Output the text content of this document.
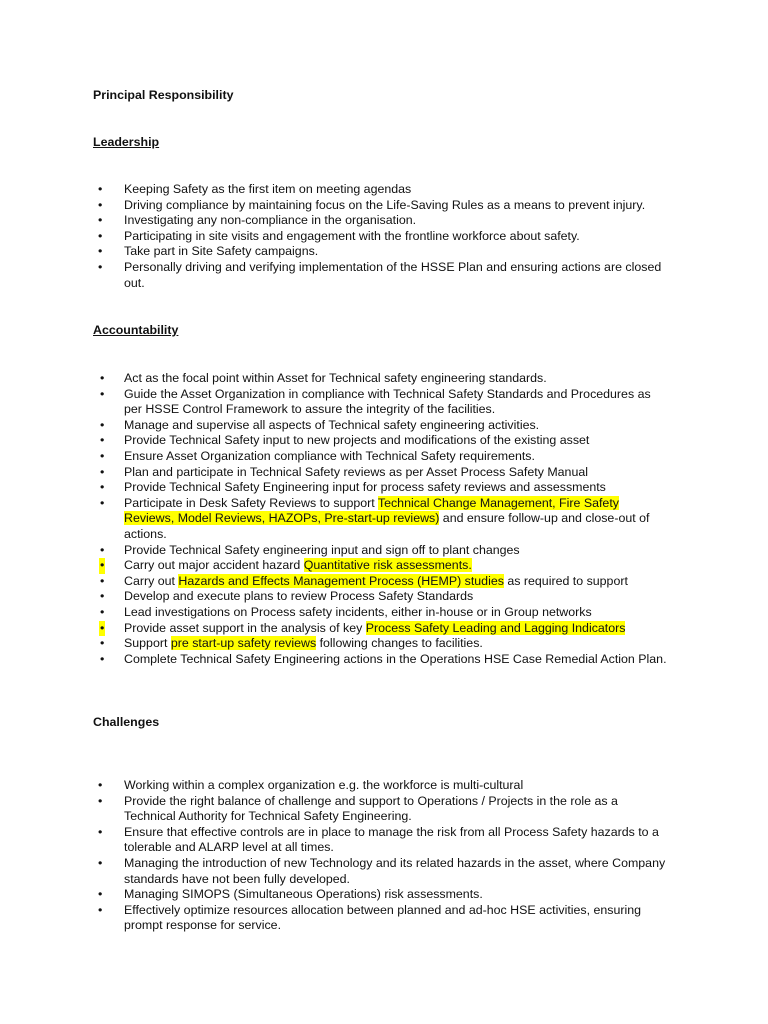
Principal Responsibility
Leadership
• Keeping Safety as the first item on meeting agendas
• Driving compliance by maintaining focus on the Life-Saving Rules as a means to prevent injury.
• Investigating any non-compliance in the organisation.
• Participating in site visits and engagement with the frontline workforce about safety.
• Take part in Site Safety campaigns.
• Personally driving and verifying implementation of the HSSE Plan and ensuring actions are closed out.
Accountability
• Act as the focal point within Asset for Technical safety engineering standards.
• Guide the Asset Organization in compliance with Technical Safety Standards and Procedures as per HSSE Control Framework to assure the integrity of the facilities.
• Manage and supervise all aspects of Technical safety engineering activities.
• Provide Technical Safety input to new projects and modifications of the existing asset
• Ensure Asset Organization compliance with Technical Safety requirements.
• Plan and participate in Technical Safety reviews as per Asset Process Safety Manual
• Provide Technical Safety Engineering input for process safety reviews and assessments
• Participate in Desk Safety Reviews to support Technical Change Management, Fire Safety Reviews, Model Reviews, HAZOPs, Pre-start-up reviews) and ensure follow-up and close-out of actions.
• Provide Technical Safety engineering input and sign off to plant changes
• Carry out major accident hazard Quantitative risk assessments.
• Carry out Hazards and Effects Management Process (HEMP) studies as required to support
• Develop and execute plans to review Process Safety Standards
• Lead investigations on Process safety incidents, either in-house or in Group networks
• Provide asset support in the analysis of key Process Safety Leading and Lagging Indicators
• Support pre start-up safety reviews following changes to facilities.
• Complete Technical Safety Engineering actions in the Operations HSE Case Remedial Action Plan.
Challenges
• Working within a complex organization e.g. the workforce is multi-cultural
• Provide the right balance of challenge and support to Operations / Projects in the role as a Technical Authority for Technical Safety Engineering.
• Ensure that effective controls are in place to manage the risk from all Process Safety hazards to a tolerable and ALARP level at all times.
• Managing the introduction of new Technology and its related hazards in the asset, where Company standards have not been fully developed.
• Managing SIMOPS (Simultaneous Operations) risk assessments.
• Effectively optimize resources allocation between planned and ad-hoc HSE activities, ensuring prompt response for service.
